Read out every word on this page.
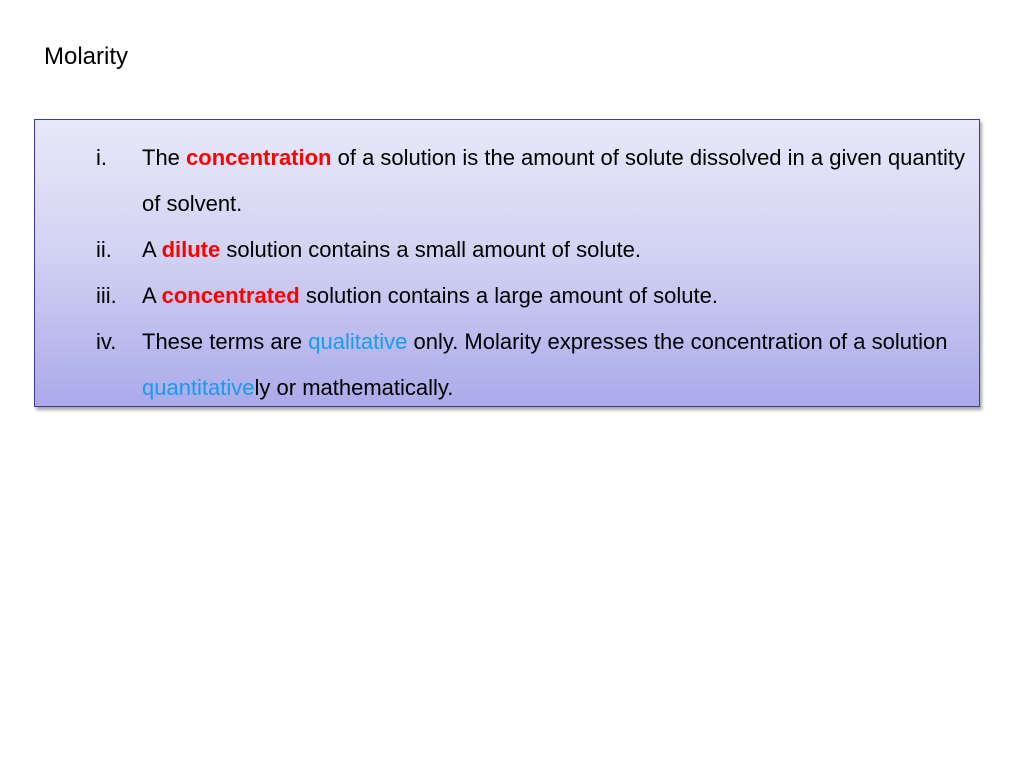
Molarity
i. The concentration of a solution is the amount of solute dissolved in a given quantity of solvent.
ii. A dilute solution contains a small amount of solute.
iii. A concentrated solution contains a large amount of solute.
iv. These terms are qualitative only. Molarity expresses the concentration of a solution quantitatively or mathematically.
